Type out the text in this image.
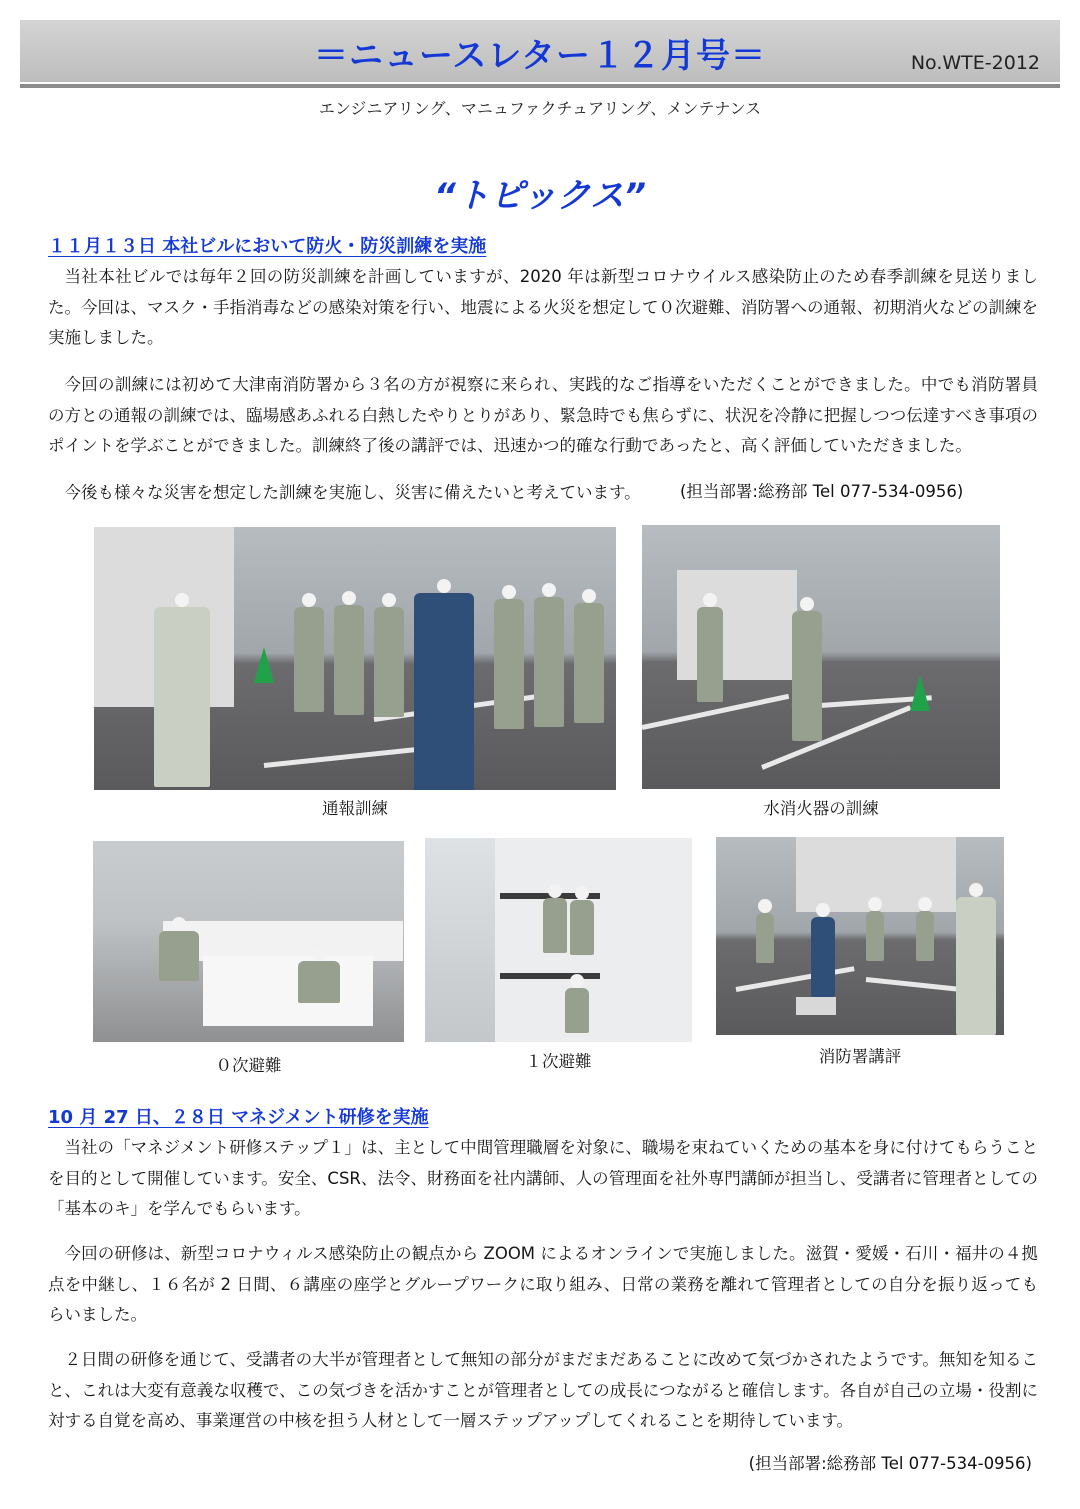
＝ニュースレター１２月号＝	No.WTE-2012
エンジニアリング、マニュファクチュアリング、メンテナンス
“トピックス”
１１月１３日 本社ビルにおいて防火・防災訓練を実施

当社本社ビルでは毎年２回の防災訓練を計画していますが、2020 年は新型コロナウイルス感染防止のため春季訓練を見送りました。今回は、マスク・手指消毒などの感染対策を行い、地震による火災を想定して０次避難、消防署への通報、初期消火などの訓練を実施しました。

今回の訓練には初めて大津南消防署から３名の方が視察に来られ、実践的なご指導をいただくことができました。中でも消防署員の方との通報の訓練では、臨場感あふれる白熱したやりとりがあり、緊急時でも焦らずに、状況を冷静に把握しつつ伝達すべき事項のポイントを学ぶことができました。訓練終了後の講評では、迅速かつ的確な行動であったと、高く評価していただきました。

今後も様々な災害を想定した訓練を実施し、災害に備えたいと考えています。	(担当部署:総務部 Tel 077-534-0956)
通報訓練	水消火器の訓練
０次避難	１次避難	消防署講評
10 月 27 日、２８日 マネジメント研修を実施

当社の「マネジメント研修ステップ１」は、主として中間管理職層を対象に、職場を束ねていくための基本を身に付けてもらうことを目的として開催しています。安全、CSR、法令、財務面を社内講師、人の管理面を社外専門講師が担当し、受講者に管理者としての「基本のキ」を学んでもらいます。

今回の研修は、新型コロナウィルス感染防止の観点から ZOOM によるオンラインで実施しました。滋賀・愛媛・石川・福井の４拠点を中継し、１６名が 2 日間、６講座の座学とグループワークに取り組み、日常の業務を離れて管理者としての自分を振り返ってもらいました。

２日間の研修を通じて、受講者の大半が管理者として無知の部分がまだまだあることに改めて気づかされたようです。無知を知ること、これは大変有意義な収穫で、この気づきを活かすことが管理者としての成長につながると確信します。各自が自己の立場・役割に対する自覚を高め、事業運営の中核を担う人材として一層ステップアップしてくれることを期待しています。

(担当部署:総務部 Tel 077-534-0956)
